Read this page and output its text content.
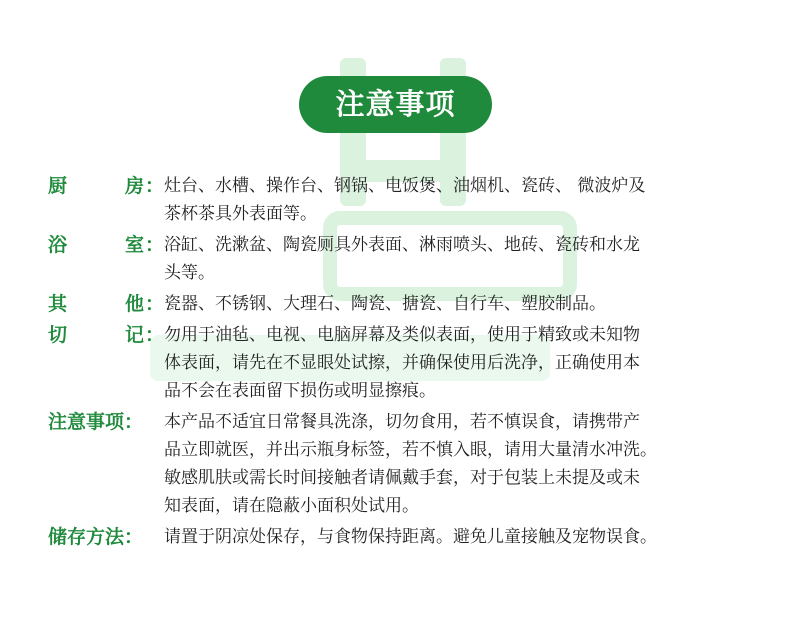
注意事项
厨	房 ： 灶台、水槽、操作台、钢锅、电饭煲、油烟机、瓷砖、 微波炉及
茶杯茶具外表面等。
浴	室 ： 浴缸、洗漱盆、陶瓷厕具外表面、淋雨喷头、地砖、瓷砖和水龙
头等。
其	他 ： 瓷器、不锈钢、大理石、陶瓷、搪瓷、自行车、塑胶制品。
切	记 ： 勿用于油毡、电视、电脑屏幕及类似表面，使用于精致或未知物
体表面，请先在不显眼处试擦，并确保使用后洗净，正确使用本
品不会在表面留下损伤或明显擦痕。
注意事项： 本产品不适宜日常餐具洗涤，切勿食用，若不慎误食，请携带产
品立即就医，并出示瓶身标签，若不慎入眼，请用大量清水冲洗。
敏感肌肤或需长时间接触者请佩戴手套，对于包装上未提及或未
知表面，请在隐蔽小面积处试用。
储存方法： 请置于阴凉处保存，与食物保持距离。避免儿童接触及宠物误食。
